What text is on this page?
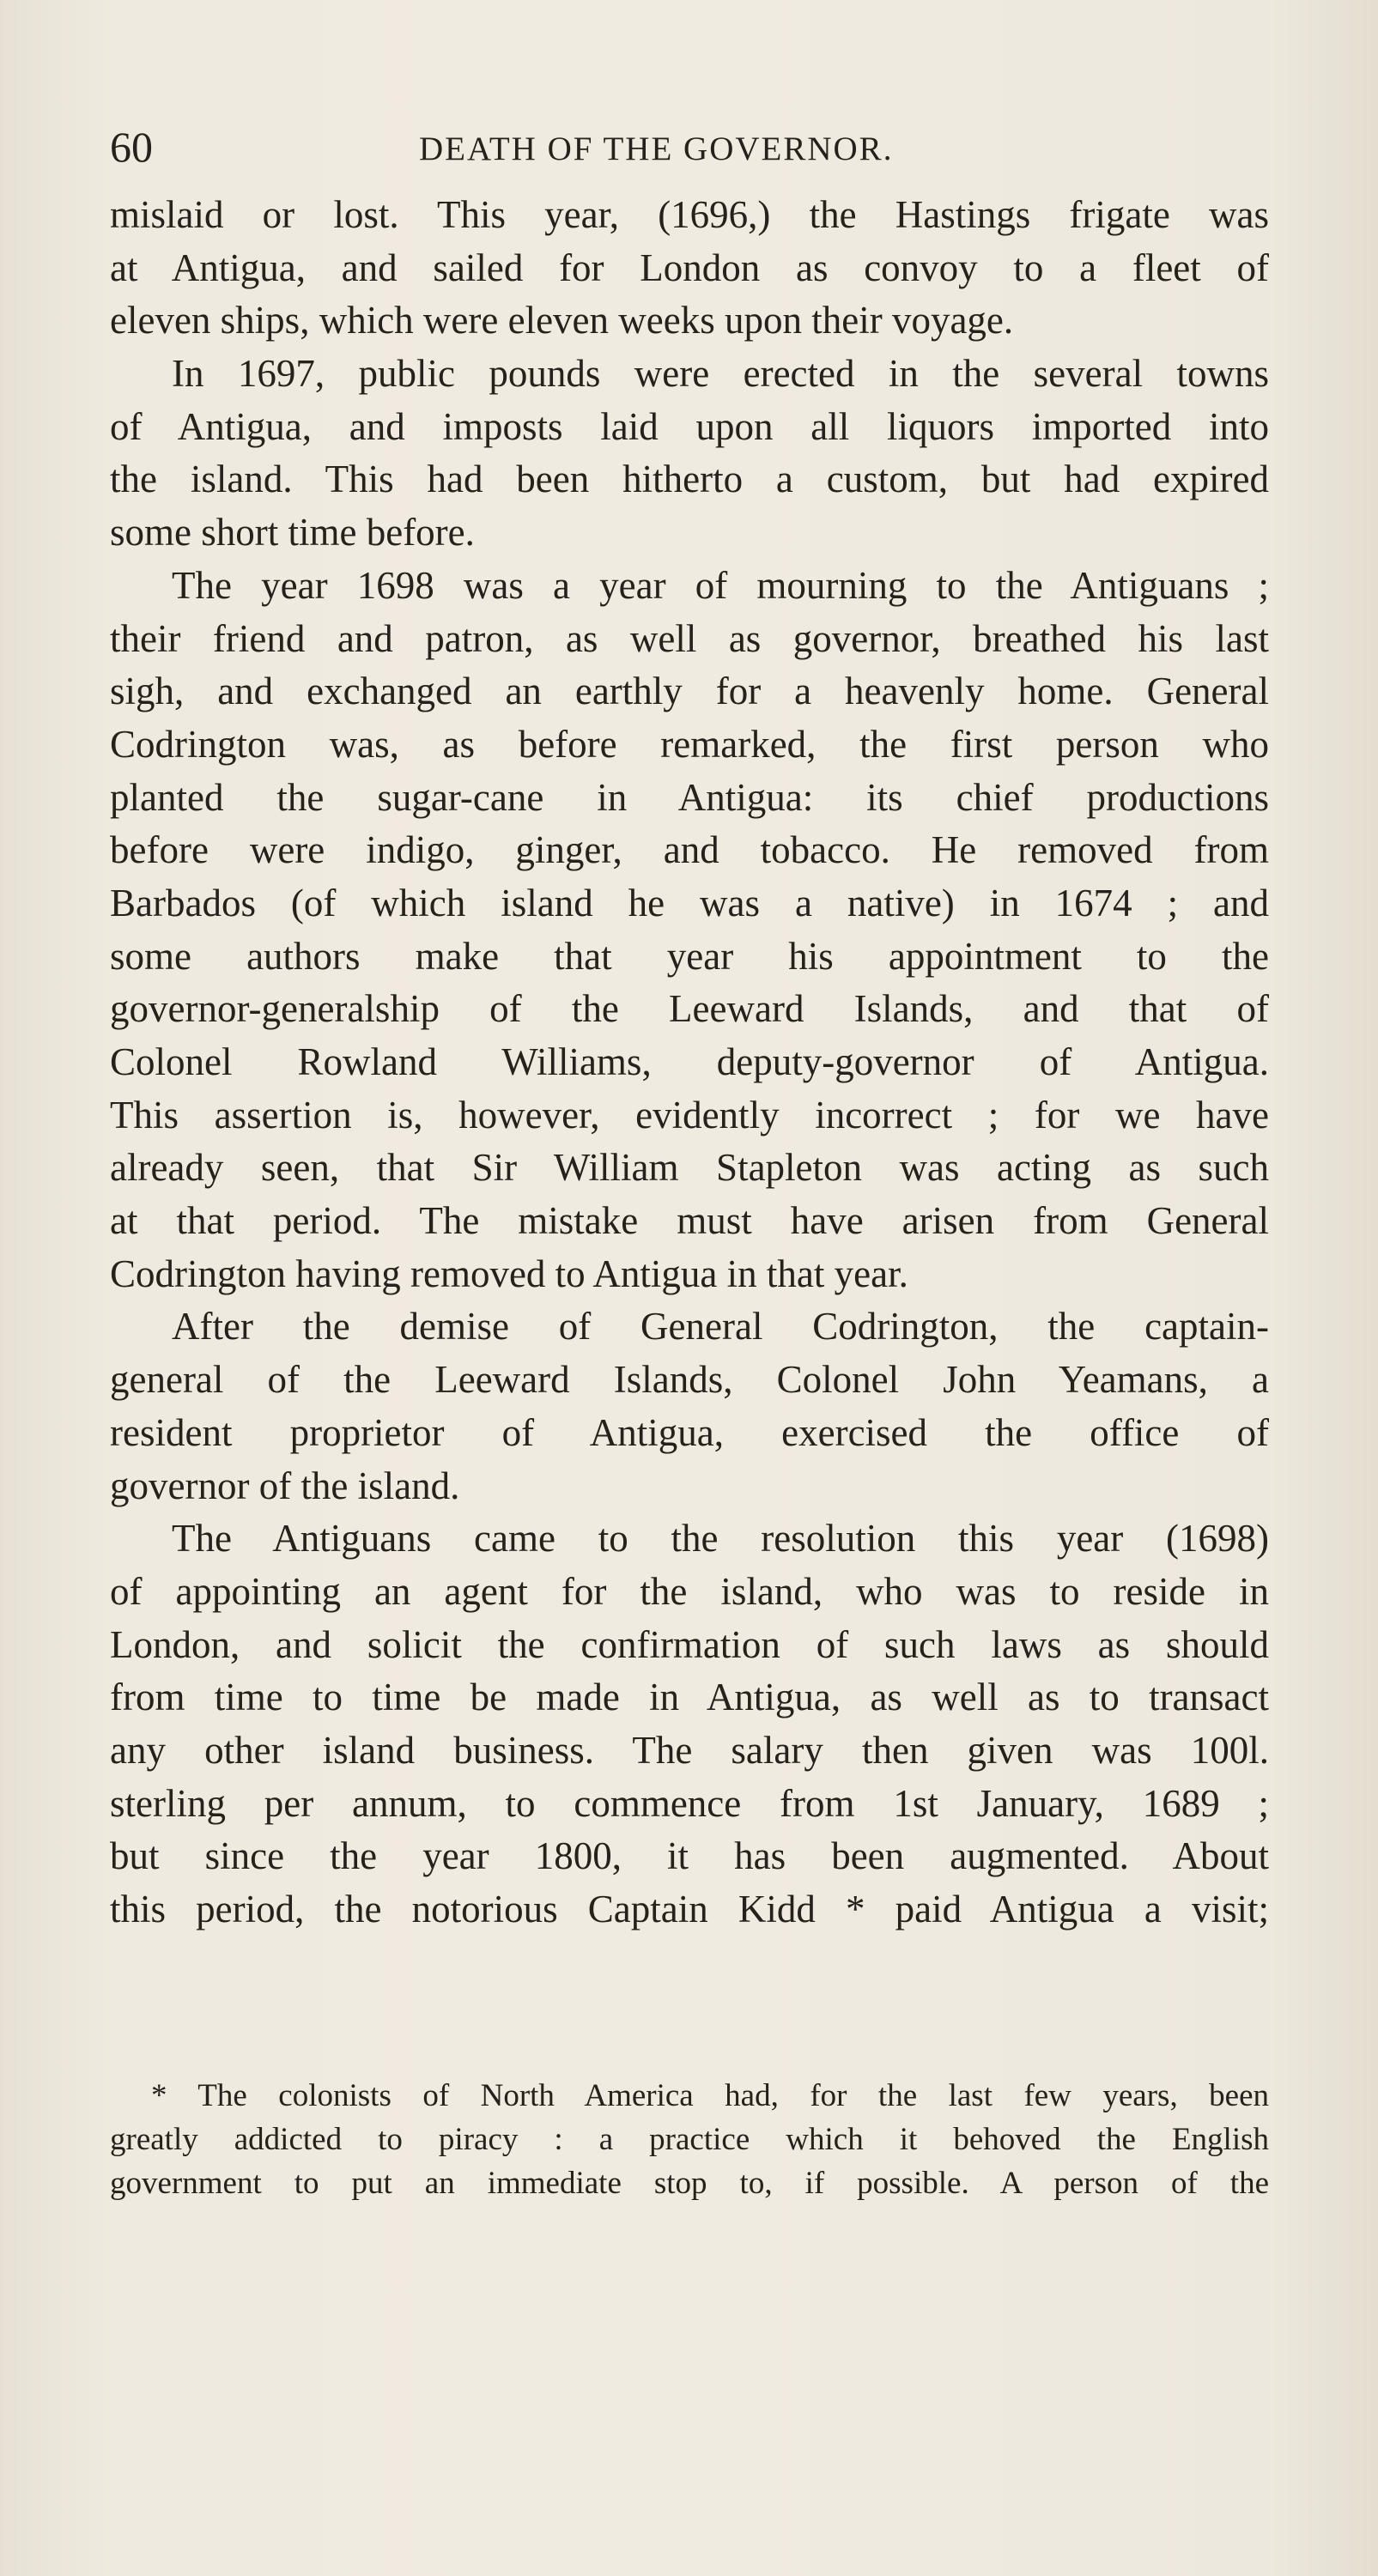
60	DEATH OF THE GOVERNOR.
mislaid or lost. This year, (1696,) the Hastings frigate was
at Antigua, and sailed for London as convoy to a fleet of
eleven ships, which were eleven weeks upon their voyage.
In 1697, public pounds were erected in the several towns
of Antigua, and imposts laid upon all liquors imported into
the island. This had been hitherto a custom, but had expired
some short time before.
The year 1698 was a year of mourning to the Antiguans ;
their friend and patron, as well as governor, breathed his last
sigh, and exchanged an earthly for a heavenly home. General
Codrington was, as before remarked, the first person who
planted the sugar-cane in Antigua: its chief productions
before were indigo, ginger, and tobacco. He removed from
Barbados (of which island he was a native) in 1674 ; and
some authors make that year his appointment to the
governor-generalship of the Leeward Islands, and that of
Colonel Rowland Williams, deputy-governor of Antigua.
This assertion is, however, evidently incorrect ; for we have
already seen, that Sir William Stapleton was acting as such
at that period. The mistake must have arisen from General
Codrington having removed to Antigua in that year.
After the demise of General Codrington, the captain-
general of the Leeward Islands, Colonel John Yeamans, a
resident proprietor of Antigua, exercised the office of
governor of the island.
The Antiguans came to the resolution this year (1698)
of appointing an agent for the island, who was to reside in
London, and solicit the confirmation of such laws as should
from time to time be made in Antigua, as well as to transact
any other island business. The salary then given was 100l.
sterling per annum, to commence from 1st January, 1689 ;
but since the year 1800, it has been augmented. About
this period, the notorious Captain Kidd * paid Antigua a visit;
* The colonists of North America had, for the last few years, been
greatly addicted to piracy : a practice which it behoved the English
government to put an immediate stop to, if possible. A person of the
